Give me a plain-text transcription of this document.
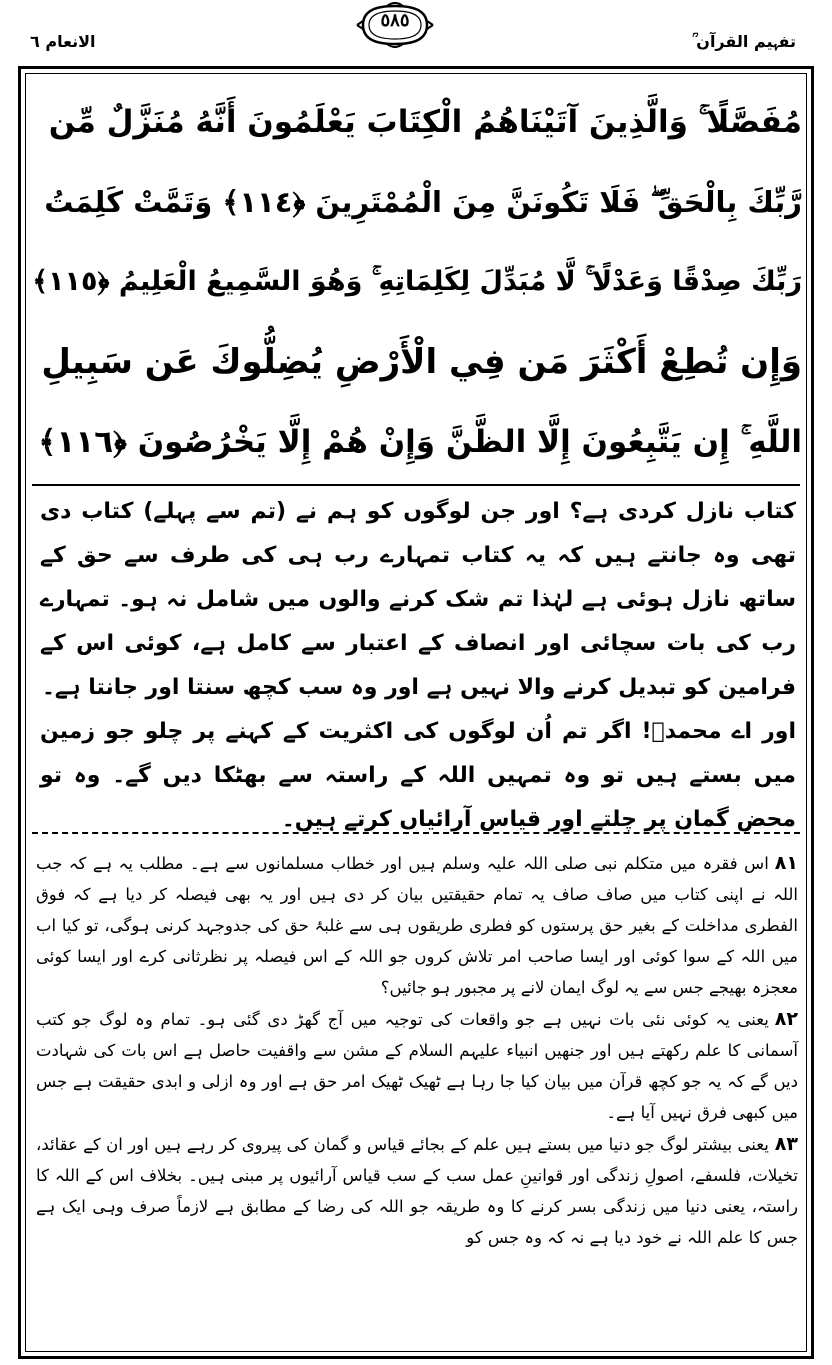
الانعام ٦
٥٨٥
تفہیم القرآن ؒ
مُفَصَّلًا ۚ وَالَّذِينَ آتَيْنَاهُمُ الْكِتَابَ يَعْلَمُونَ أَنَّهُ مُنَزَّلٌ مِّن
رَّبِّكَ بِالْحَقِّ ۖ فَلَا تَكُونَنَّ مِنَ الْمُمْتَرِينَ ﴿١١٤﴾ وَتَمَّتْ كَلِمَتُ
رَبِّكَ صِدْقًا وَعَدْلًا ۚ لَّا مُبَدِّلَ لِكَلِمَاتِهِ ۚ وَهُوَ السَّمِيعُ الْعَلِيمُ ﴿١١٥﴾
وَإِن تُطِعْ أَكْثَرَ مَن فِي الْأَرْضِ يُضِلُّوكَ عَن سَبِيلِ
اللَّهِ ۚ إِن يَتَّبِعُونَ إِلَّا الظَّنَّ وَإِنْ هُمْ إِلَّا يَخْرُصُونَ ﴿١١٦﴾

کتاب نازل کردی ہے؟ اور جن لوگوں کو ہم نے (تم سے پہلے) کتاب دی تھی وہ جانتے ہیں کہ یہ کتاب تمہارے رب ہی کی طرف سے حق کے ساتھ نازل ہوئی ہے لہٰذا تم شک کرنے والوں میں شامل نہ ہو۔ تمہارے رب کی بات سچائی اور انصاف کے اعتبار سے کامل ہے، کوئی اس کے فرامین کو تبدیل کرنے والا نہیں ہے اور وہ سب کچھ سنتا اور جانتا ہے۔

اور اے محمدؐ! اگر تم اُن لوگوں کی اکثریت کے کہنے پر چلو جو زمین میں بستے ہیں تو وہ تمہیں اللہ کے راستہ سے بھٹکا دیں گے۔ وہ تو محض گمان پر چلتے اور قیاس آرائیاں کرتے ہیں۔

٨١اس فقرہ میں متکلم نبی صلی اللہ علیہ وسلم ہیں اور خطاب مسلمانوں سے ہے۔ مطلب یہ ہے کہ جب اللہ نے اپنی کتاب میں صاف صاف یہ تمام حقیقتیں بیان کر دی ہیں اور یہ بھی فیصلہ کر دیا ہے کہ فوق الفطری مداخلت کے بغیر حق پرستوں کو فطری طریقوں ہی سے غلبۂ حق کی جدوجہد کرنی ہوگی، تو کیا اب میں اللہ کے سوا کوئی اور ایسا صاحب امر تلاش کروں جو اللہ کے اس فیصلہ پر نظرثانی کرے اور ایسا کوئی معجزہ بھیجے جس سے یہ لوگ ایمان لانے پر مجبور ہو جائیں؟
٨٢یعنی یہ کوئی نئی بات نہیں ہے جو واقعات کی توجیہ میں آج گھڑ دی گئی ہو۔ تمام وہ لوگ جو کتب آسمانی کا علم رکھتے ہیں اور جنھیں انبیاء علیہم السلام کے مشن سے واقفیت حاصل ہے اس بات کی شہادت دیں گے کہ یہ جو کچھ قرآن میں بیان کیا جا رہا ہے ٹھیک ٹھیک امر حق ہے اور وہ ازلی و ابدی حقیقت ہے جس میں کبھی فرق نہیں آیا ہے۔
٨٣یعنی بیشتر لوگ جو دنیا میں بستے ہیں علم کے بجائے قیاس و گمان کی پیروی کر رہے ہیں اور ان کے عقائد، تخیلات، فلسفے، اصولِ زندگی اور قوانینِ عمل سب کے سب قیاس آرائیوں پر مبنی ہیں۔ بخلاف اس کے اللہ کا راستہ، یعنی دنیا میں زندگی بسر کرنے کا وہ طریقہ جو اللہ کی رضا کے مطابق ہے لازماً صرف وہی ایک ہے جس کا علم اللہ نے خود دیا ہے نہ کہ وہ جس کو
